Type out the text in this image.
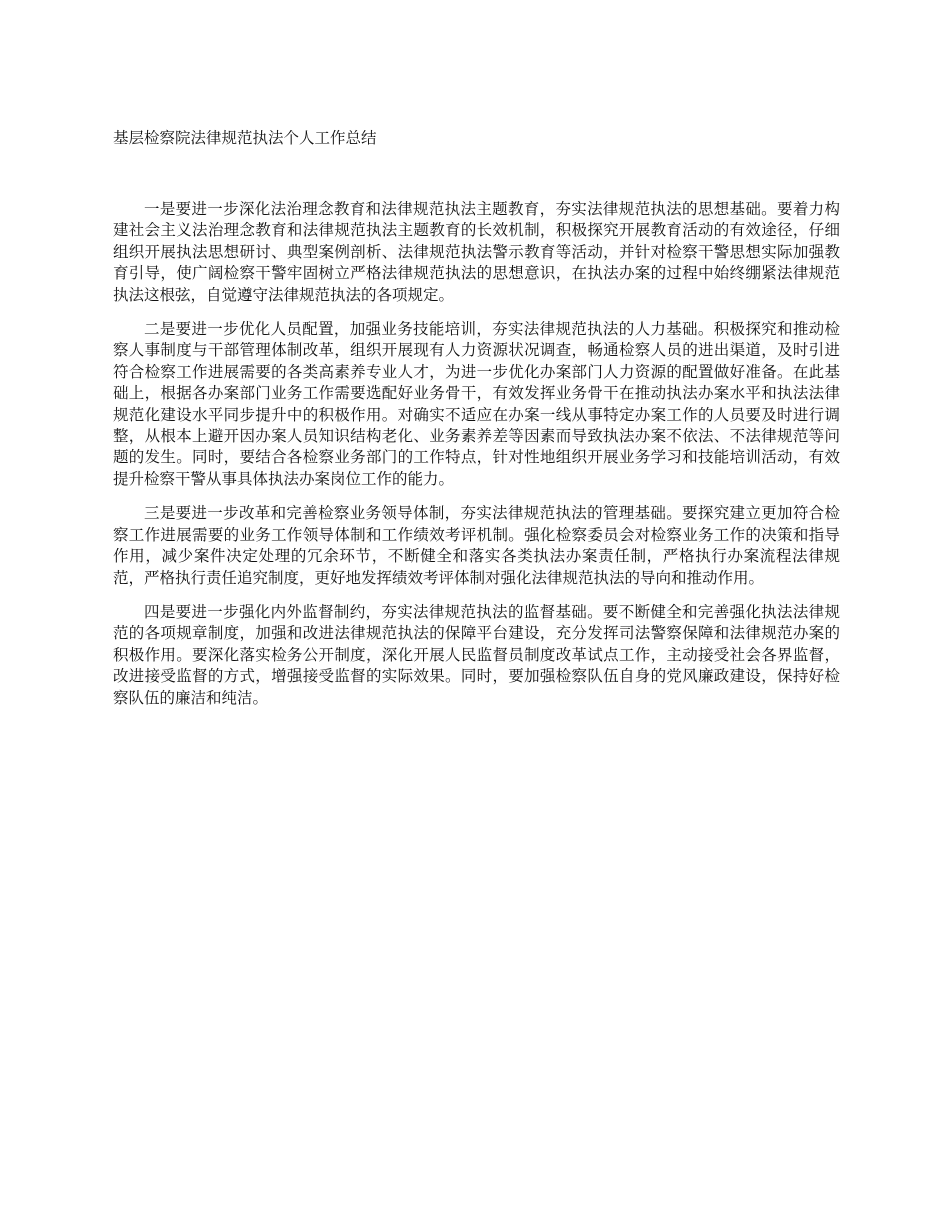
基层检察院法律规范执法个人工作总结

一是要进一步深化法治理念教育和法律规范执法主题教育，夯实法律规范执法的思想基础。要着力构建社会主义法治理念教育和法律规范执法主题教育的长效机制，积极探究开展教育活动的有效途径，仔细组织开展执法思想研讨、典型案例剖析、法律规范执法警示教育等活动，并针对检察干警思想实际加强教育引导，使广阔检察干警牢固树立严格法律规范执法的思想意识，在执法办案的过程中始终绷紧法律规范执法这根弦，自觉遵守法律规范执法的各项规定。

二是要进一步优化人员配置，加强业务技能培训，夯实法律规范执法的人力基础。积极探究和推动检察人事制度与干部管理体制改革，组织开展现有人力资源状况调查，畅通检察人员的进出渠道，及时引进符合检察工作进展需要的各类高素养专业人才，为进一步优化办案部门人力资源的配置做好准备。在此基础上，根据各办案部门业务工作需要选配好业务骨干，有效发挥业务骨干在推动执法办案水平和执法法律规范化建设水平同步提升中的积极作用。对确实不适应在办案一线从事特定办案工作的人员要及时进行调整，从根本上避开因办案人员知识结构老化、业务素养差等因素而导致执法办案不依法、不法律规范等问题的发生。同时，要结合各检察业务部门的工作特点，针对性地组织开展业务学习和技能培训活动，有效提升检察干警从事具体执法办案岗位工作的能力。

三是要进一步改革和完善检察业务领导体制，夯实法律规范执法的管理基础。要探究建立更加符合检察工作进展需要的业务工作领导体制和工作绩效考评机制。强化检察委员会对检察业务工作的决策和指导作用，减少案件决定处理的冗余环节，不断健全和落实各类执法办案责任制，严格执行办案流程法律规范，严格执行责任追究制度，更好地发挥绩效考评体制对强化法律规范执法的导向和推动作用。

四是要进一步强化内外监督制约，夯实法律规范执法的监督基础。要不断健全和完善强化执法法律规范的各项规章制度，加强和改进法律规范执法的保障平台建设，充分发挥司法警察保障和法律规范办案的积极作用。要深化落实检务公开制度，深化开展人民监督员制度改革试点工作，主动接受社会各界监督，改进接受监督的方式，增强接受监督的实际效果。同时，要加强检察队伍自身的党风廉政建设，保持好检察队伍的廉洁和纯洁。
